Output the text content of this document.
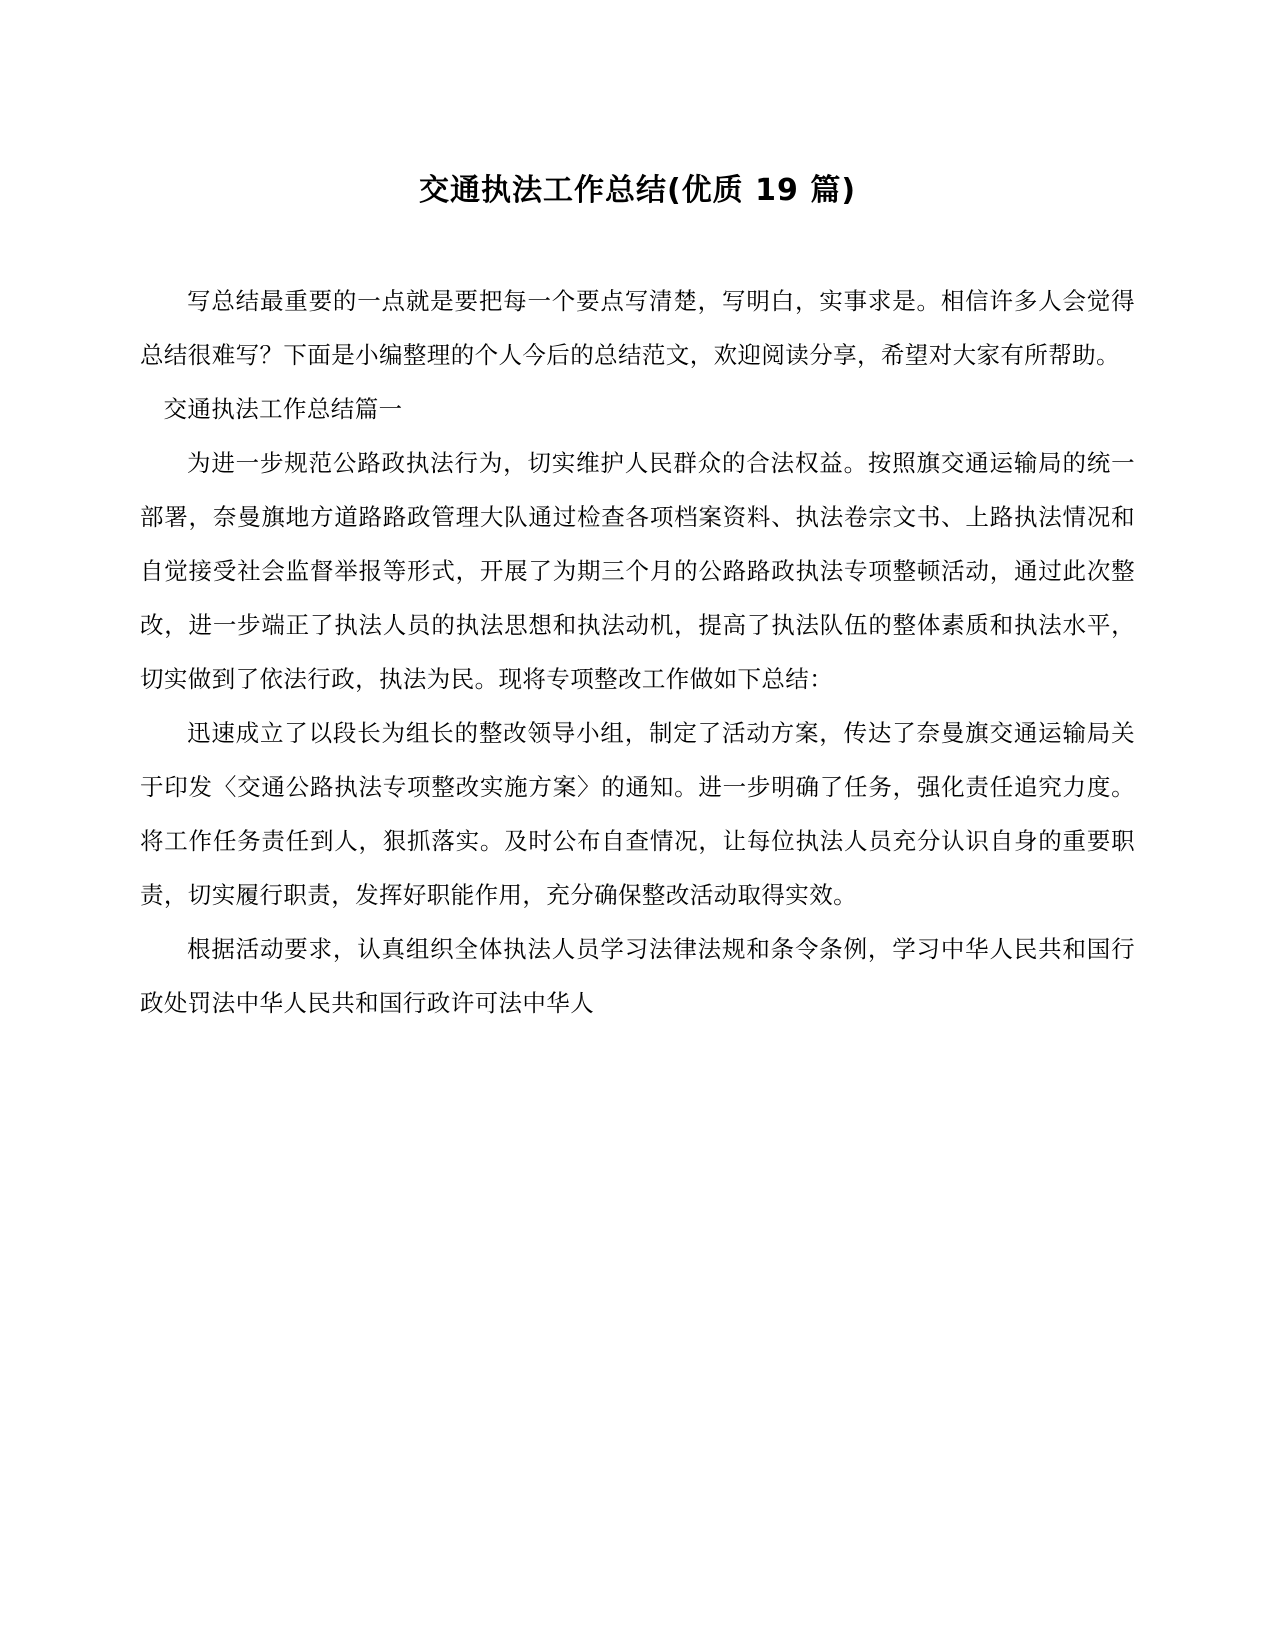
交通执法工作总结(优质 19 篇)

写总结最重要的一点就是要把每一个要点写清楚，写明白，实事求是。相信许多人会觉得总结很难写？下面是小编整理的个人今后的总结范文，欢迎阅读分享，希望对大家有所帮助。

交通执法工作总结篇一

为进一步规范公路政执法行为，切实维护人民群众的合法权益。按照旗交通运输局的统一部署，奈曼旗地方道路路政管理大队通过检查各项档案资料、执法卷宗文书、上路执法情况和自觉接受社会监督举报等形式，开展了为期三个月的公路路政执法专项整顿活动，通过此次整改，进一步端正了执法人员的执法思想和执法动机，提高了执法队伍的整体素质和执法水平，切实做到了依法行政，执法为民。现将专项整改工作做如下总结：

迅速成立了以段长为组长的整改领导小组，制定了活动方案，传达了奈曼旗交通运输局关于印发〈交通公路执法专项整改实施方案〉的通知。进一步明确了任务，强化责任追究力度。将工作任务责任到人，狠抓落实。及时公布自查情况，让每位执法人员充分认识自身的重要职责，切实履行职责，发挥好职能作用，充分确保整改活动取得实效。

根据活动要求，认真组织全体执法人员学习法律法规和条令条例，学习中华人民共和国行政处罚法中华人民共和国行政许可法中华人
